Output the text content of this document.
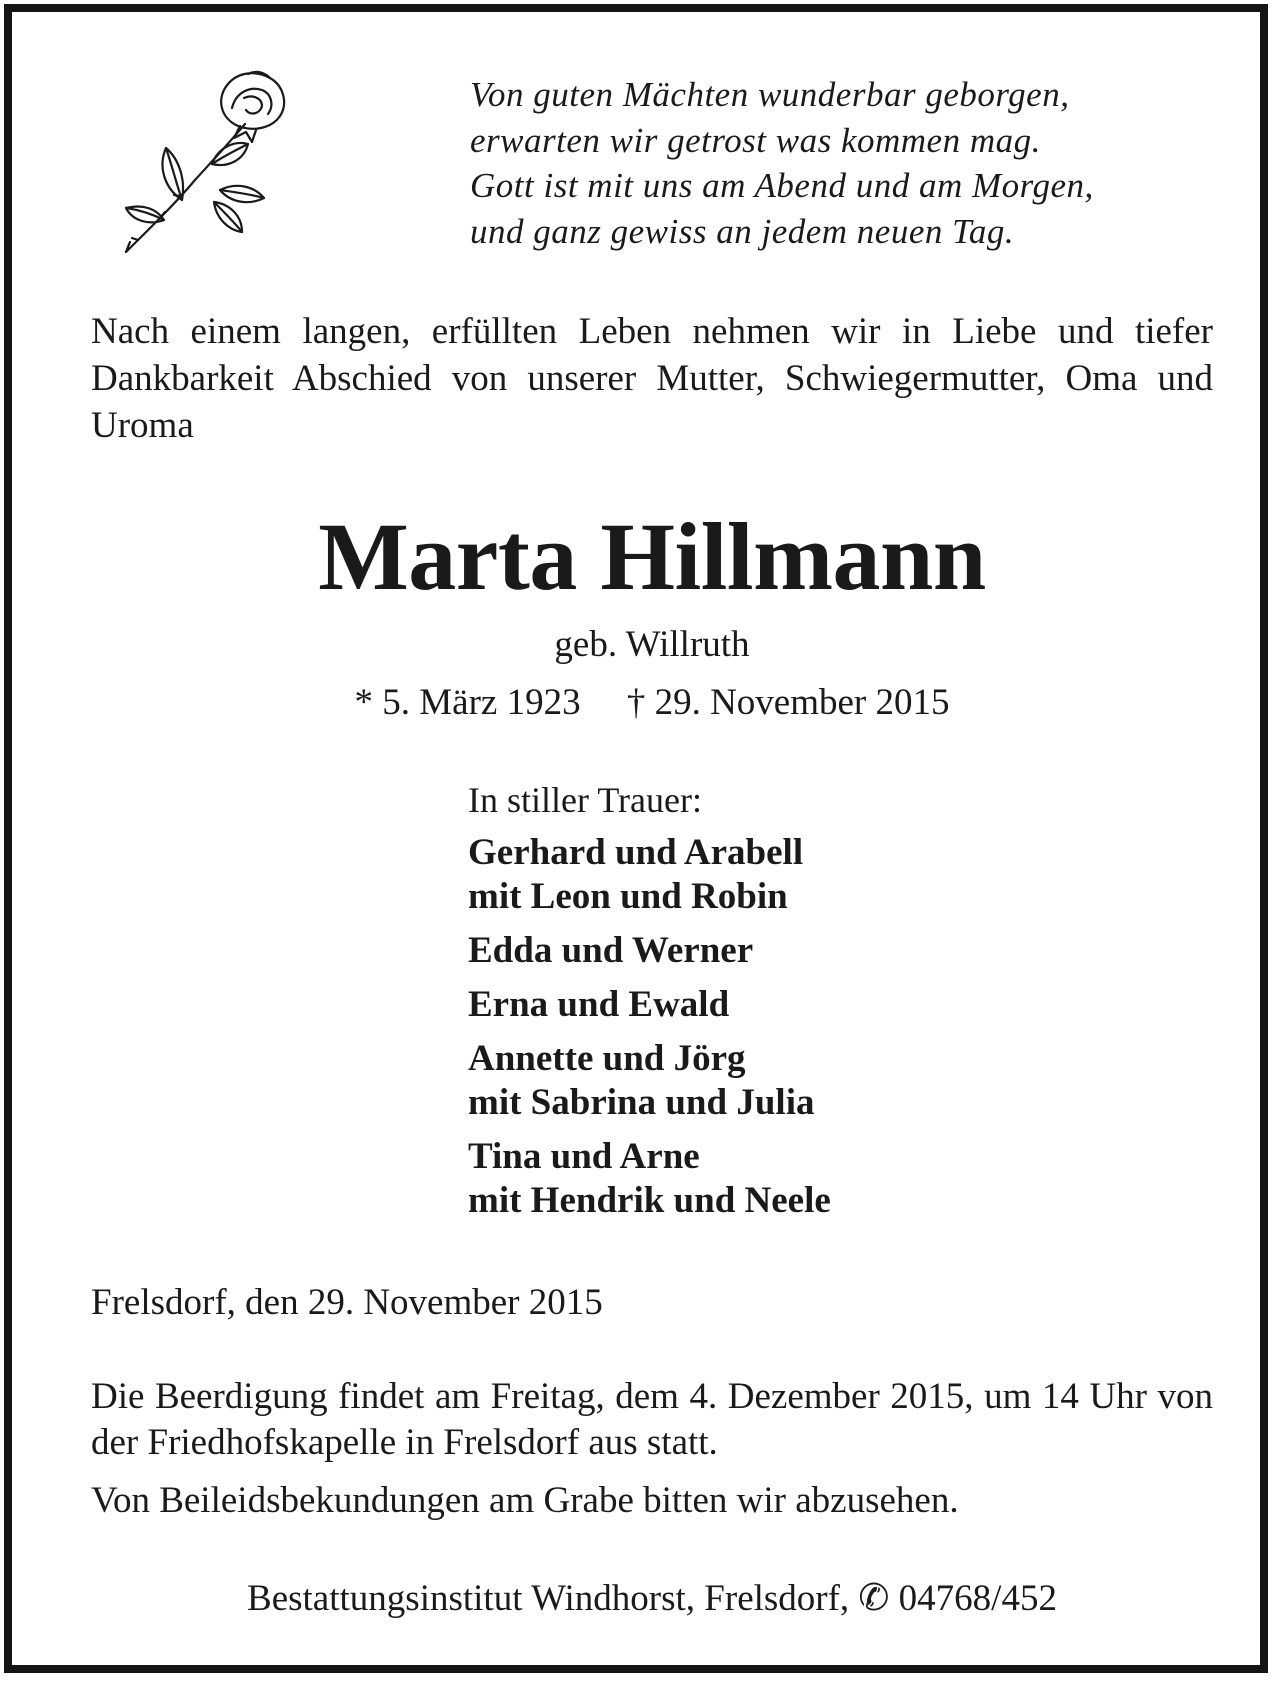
Von guten Mächten wunderbar geborgen,
erwarten wir getrost was kommen mag.
Gott ist mit uns am Abend und am Morgen,
und ganz gewiss an jedem neuen Tag.
Nach einem langen, erfüllten Leben nehmen wir in Liebe und tiefer Dankbarkeit Abschied von unserer Mutter, Schwiegermutter, Oma und Uroma
Marta Hillmann
geb. Willruth
* 5. März 1923     † 29. November 2015
In stiller Trauer:
Gerhard und Arabell
mit Leon und Robin
Edda und Werner
Erna und Ewald
Annette und Jörg
mit Sabrina und Julia
Tina und Arne
mit Hendrik und Neele
Frelsdorf, den 29. November 2015
Die Beerdigung findet am Freitag, dem 4. Dezember 2015, um 14 Uhr von der Friedhofskapelle in Frelsdorf aus statt.
Von Beileidsbekundungen am Grabe bitten wir abzusehen.
Bestattungsinstitut Windhorst, Frelsdorf, ✆ 04768/452
